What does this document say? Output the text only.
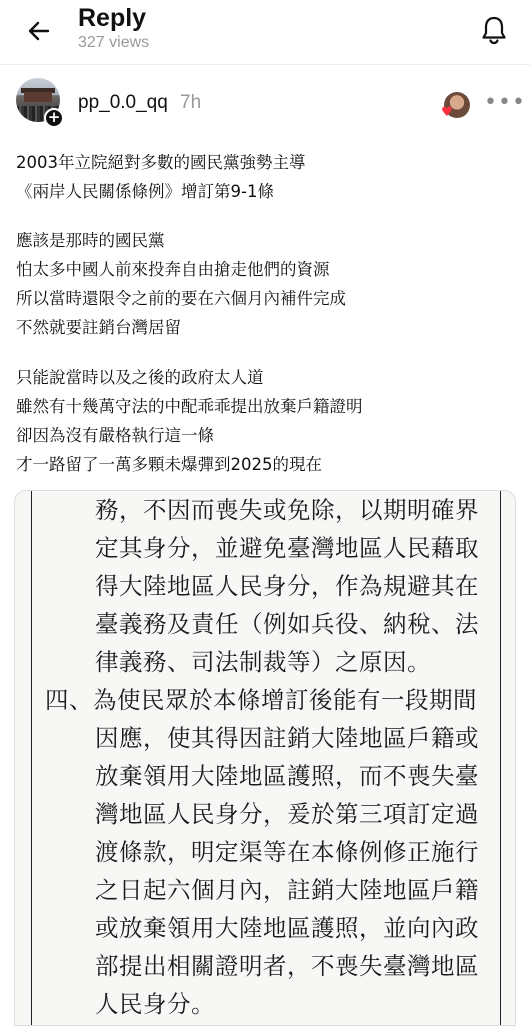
Reply
327 views
+
pp_0.0_qq 7h	♥ •••
2003年立院絕對多數的國民黨強勢主導
《兩岸人民關係條例》增訂第9-1條
應該是那時的國民黨
怕太多中國人前來投奔自由搶走他們的資源
所以當時還限令之前的要在六個月內補件完成
不然就要註銷台灣居留
只能說當時以及之後的政府太人道
雖然有十幾萬守法的中配乖乖提出放棄戶籍證明
卻因為沒有嚴格執行這一條
才一路留了一萬多顆未爆彈到2025的現在
務，不因而喪失或免除，以期明確界
定其身分，並避免臺灣地區人民藉取
得大陸地區人民身分，作為規避其在
臺義務及責任（例如兵役、納稅、法
律義務、司法制裁等）之原因。
四、為使民眾於本條增訂後能有一段期間
因應，使其得因註銷大陸地區戶籍或
放棄領用大陸地區護照，而不喪失臺
灣地區人民身分，爰於第三項訂定過
渡條款，明定渠等在本條例修正施行
之日起六個月內，註銷大陸地區戶籍
或放棄領用大陸地區護照，並向內政
部提出相關證明者，不喪失臺灣地區
人民身分。
